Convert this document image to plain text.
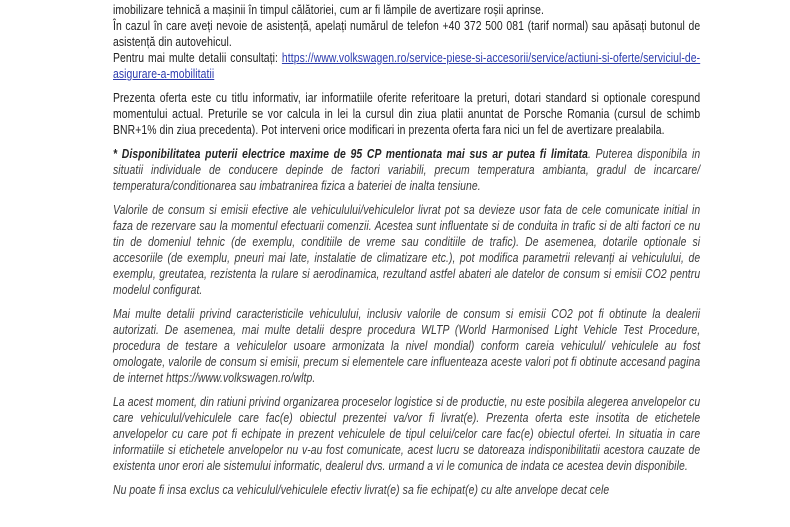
imobilizare tehnică a mașinii în timpul călătoriei, cum ar fi lămpile de avertizare roșii aprinse.

În cazul în care aveți nevoie de asistență, apelați numărul de telefon +40 372 500 081 (tarif normal) sau apăsați butonul de asistență din autovehicul.

Pentru mai multe detalii consultați: https://www.volkswagen.ro/service-piese-si-accesorii/service/actiuni-si-oferte/serviciul-de-asigurare-a-mobilitatii

Prezenta oferta este cu titlu informativ, iar informatiile oferite referitoare la preturi, dotari standard si optionale corespund momentului actual. Preturile se vor calcula in lei la cursul din ziua platii anuntat de Porsche Romania (cursul de schimb BNR+1% din ziua precedenta). Pot interveni orice modificari in prezenta oferta fara nici un fel de avertizare prealabila.

* Disponibilitatea puterii electrice maxime de 95 CP mentionata mai sus ar putea fi limitata. Puterea disponibila in situatii individuale de conducere depinde de factori variabili, precum temperatura ambianta, gradul de incarcare/ temperatura/conditionarea sau imbatranirea fizica a bateriei de inalta tensiune.

Valorile de consum si emisii efective ale vehiculului/vehiculelor livrat pot sa devieze usor fata de cele comunicate initial in faza de rezervare sau la momentul efectuarii comenzii. Acestea sunt influentate si de conduita in trafic si de alti factori ce nu tin de domeniul tehnic (de exemplu, conditiile de vreme sau conditiile de trafic). De asemenea, dotarile optionale si accesoriile (de exemplu, pneuri mai late, instalatie de climatizare etc.), pot modifica parametrii relevanți ai vehiculului, de exemplu, greutatea, rezistenta la rulare si aerodinamica, rezultand astfel abateri ale datelor de consum si emisii CO2 pentru modelul configurat.

Mai multe detalii privind caracteristicile vehiculului, inclusiv valorile de consum si emisii CO2 pot fi obtinute la dealerii autorizati. De asemenea, mai multe detalii despre procedura WLTP (World Harmonised Light Vehicle Test Procedure, procedura de testare a vehiculelor usoare armonizata la nivel mondial) conform careia vehiculul/ vehiculele au fost omologate, valorile de consum si emisii, precum si elementele care influenteaza aceste valori pot fi obtinute accesand pagina de internet https://www.volkswagen.ro/wltp.

La acest moment, din ratiuni privind organizarea proceselor logistice si de productie, nu este posibila alegerea anvelopelor cu care vehiculul/vehiculele care fac(e) obiectul prezentei va/vor fi livrat(e). Prezenta oferta este insotita de etichetele anvelopelor cu care pot fi echipate in prezent vehiculele de tipul celui/celor care fac(e) obiectul ofertei. In situatia in care informatiile si etichetele anvelopelor nu v-au fost comunicate, acest lucru se datoreaza indisponibilitatii acestora cauzate de existenta unor erori ale sistemului informatic, dealerul dvs. urmand a vi le comunica de indata ce acestea devin disponibile.

Nu poate fi insa exclus ca vehiculul/vehiculele efectiv livrat(e) sa fie echipat(e) cu alte anvelope decat cele
